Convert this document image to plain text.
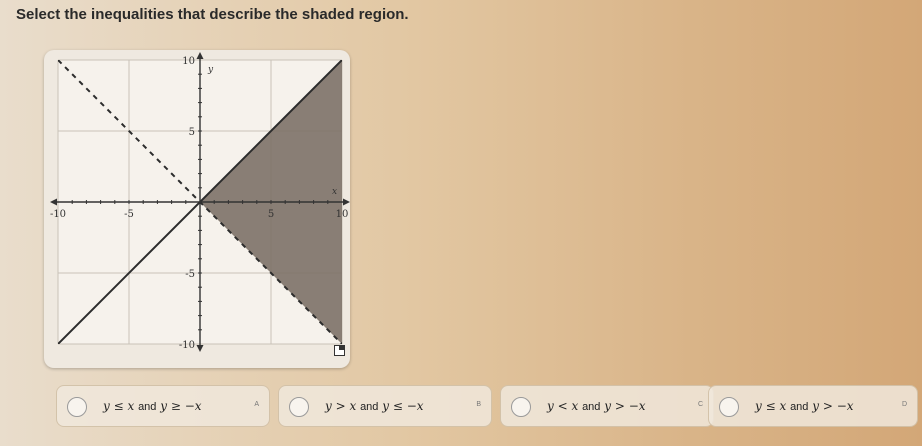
Select the inequalities that describe the shaded region.
-10	-5	5	10
10
5
-5
-10
x
y
y ≤ x and y ≥ −x	A	y > x and y ≤ −x	B	y < x and y > −x	C	y ≤ x and y > −x	D
